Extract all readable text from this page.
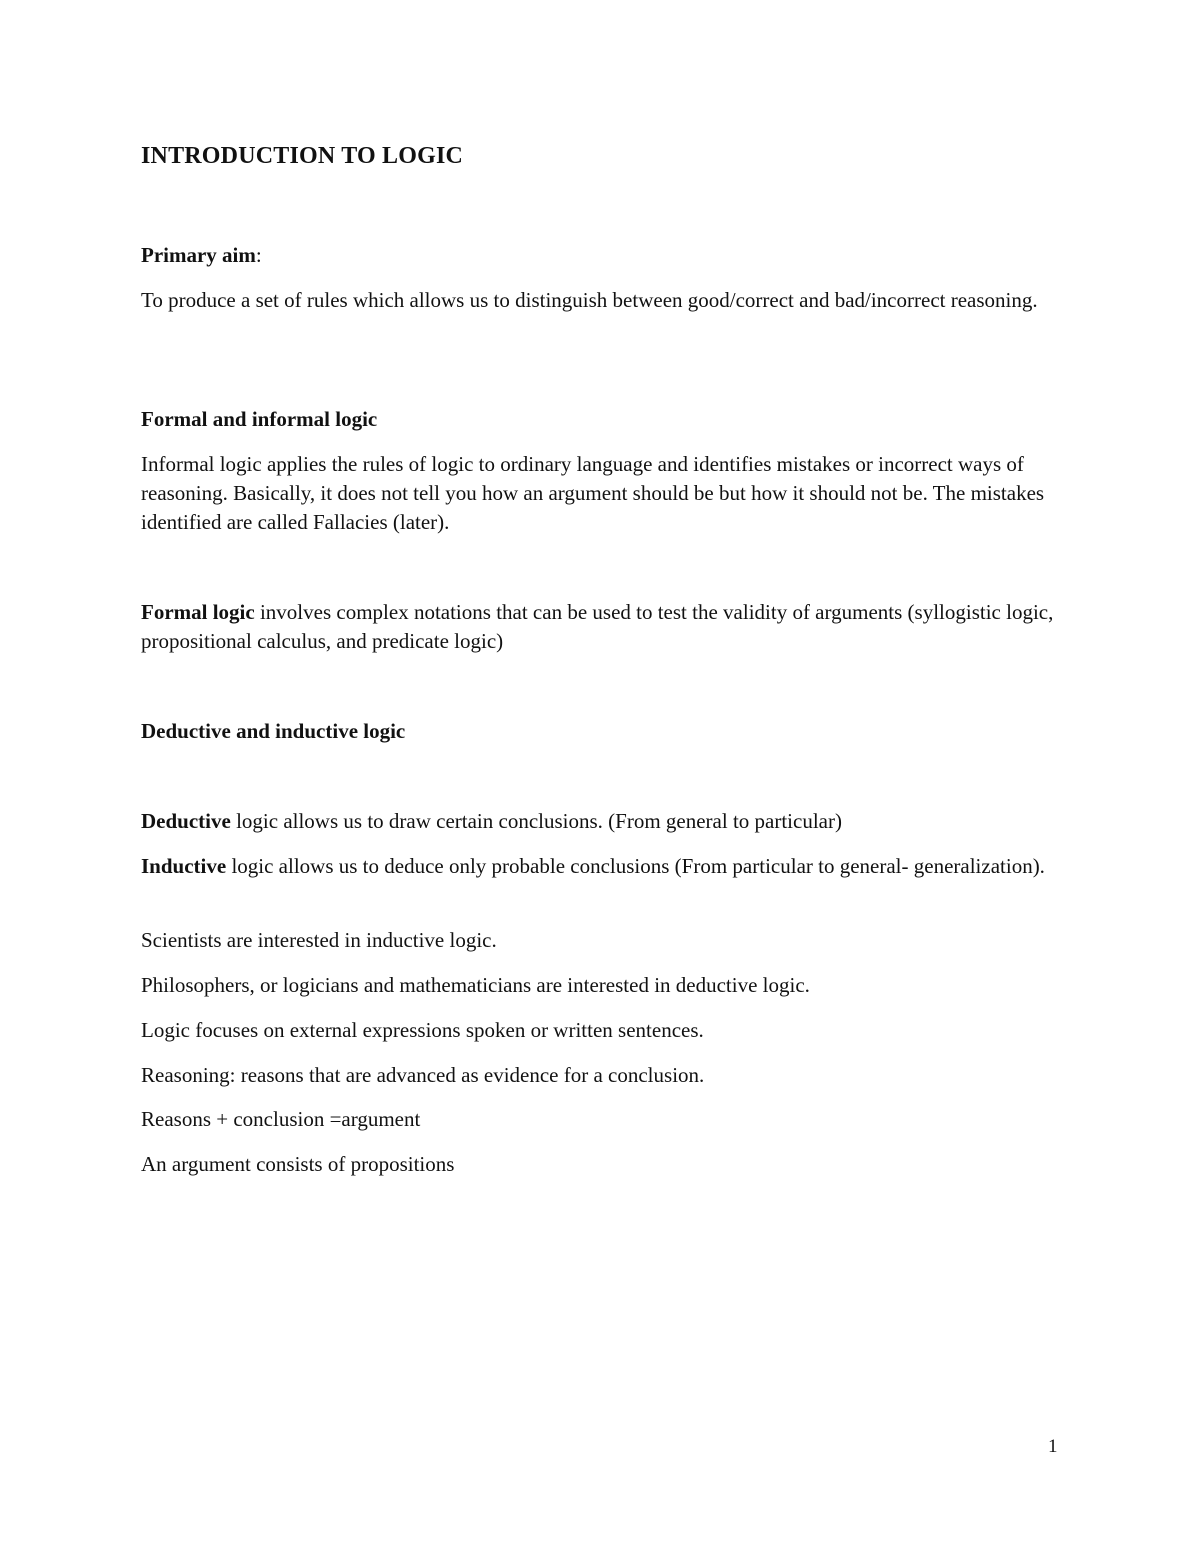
INTRODUCTION TO LOGIC
Primary aim:
To produce a set of rules which allows us to distinguish between good/correct and bad/incorrect reasoning.
Formal and informal logic
Informal logic applies the rules of logic to ordinary language and identifies mistakes or incorrect ways of reasoning. Basically, it does not tell you how an argument should be but how it should not be. The mistakes identified are called Fallacies (later).
Formal logic involves complex notations that can be used to test the validity of arguments (syllogistic logic, propositional calculus, and predicate logic)
Deductive and inductive logic
Deductive logic allows us to draw certain conclusions. (From general to particular)
Inductive logic allows us to deduce only probable conclusions (From particular to general- generalization).
Scientists are interested in inductive logic.
Philosophers, or logicians and mathematicians are interested in deductive logic.
Logic focuses on external expressions spoken or written sentences.
Reasoning: reasons that are advanced as evidence for a conclusion.
Reasons + conclusion =argument
An argument consists of propositions
1
